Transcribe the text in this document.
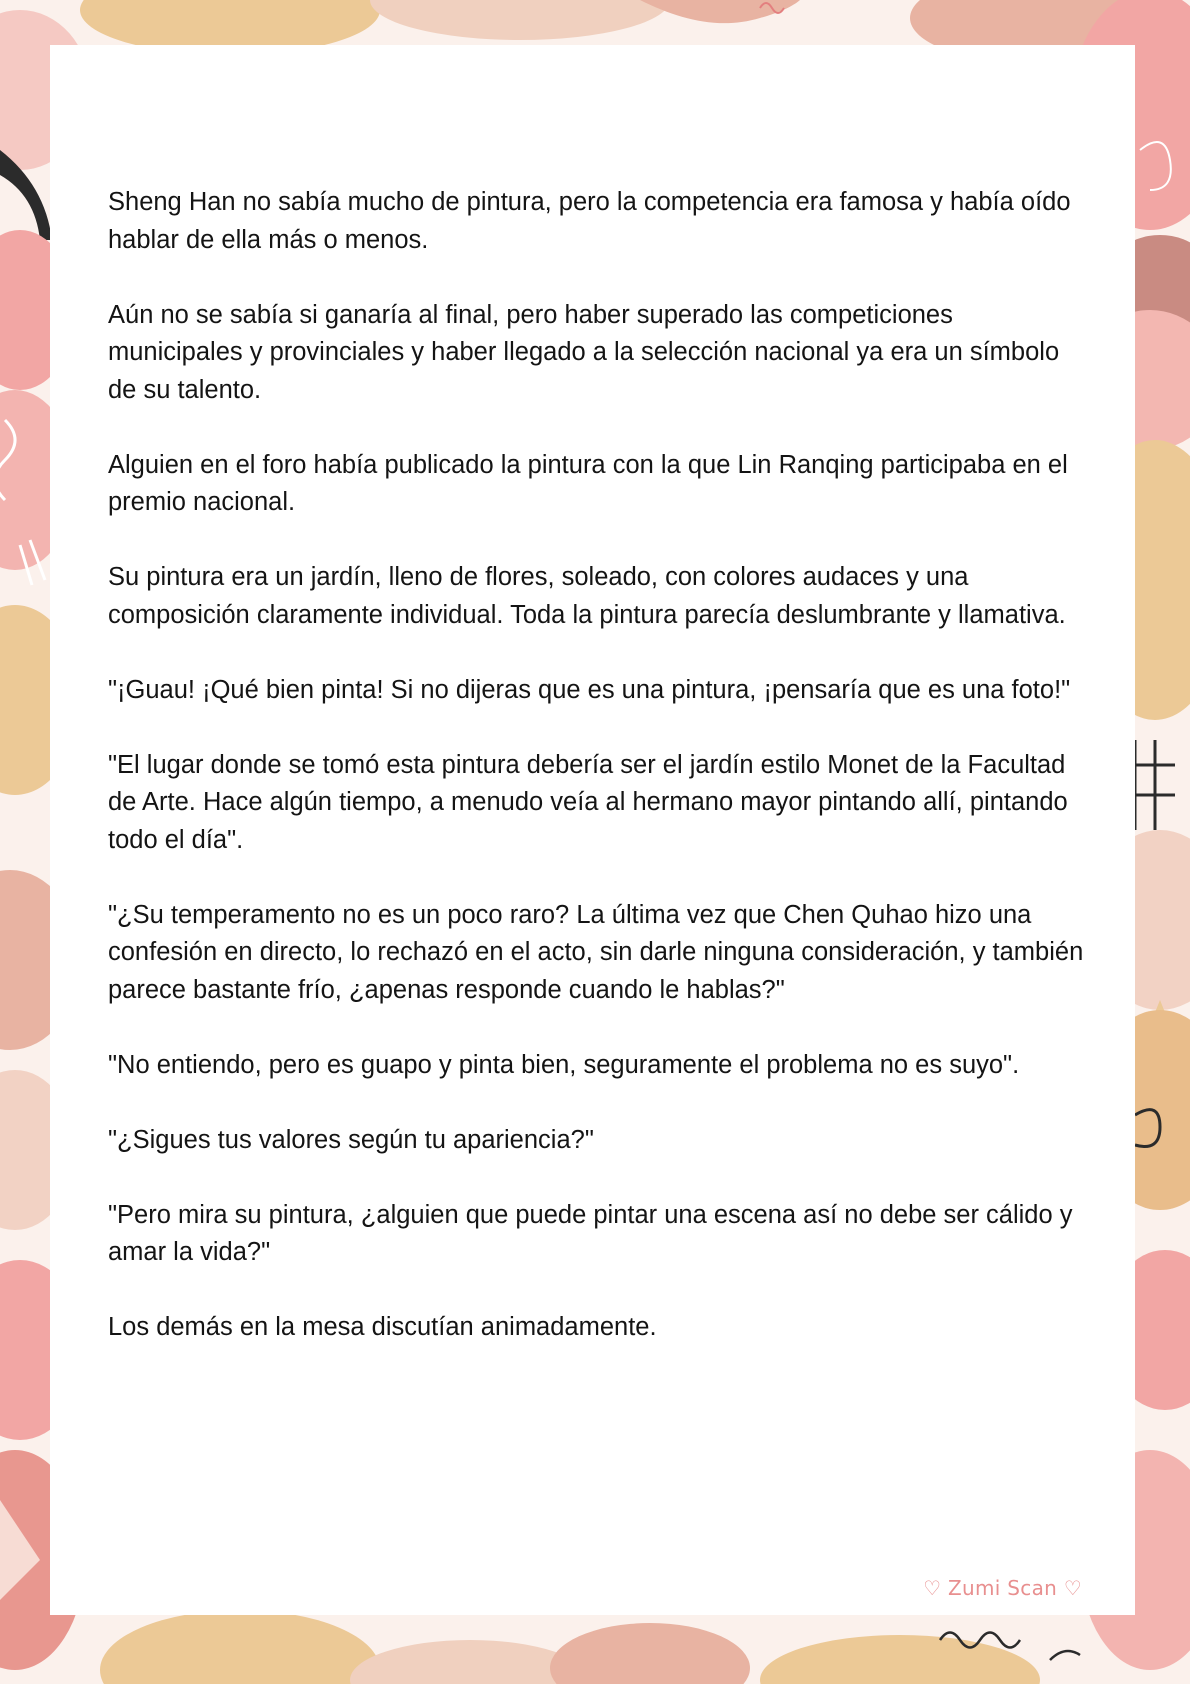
Sheng Han no sabía mucho de pintura, pero la competencia era famosa y había oído hablar de ella más o menos.

Aún no se sabía si ganaría al final, pero haber superado las competiciones municipales y provinciales y haber llegado a la selección nacional ya era un símbolo de su talento.

Alguien en el foro había publicado la pintura con la que Lin Ranqing participaba en el premio nacional.

Su pintura era un jardín, lleno de flores, soleado, con colores audaces y una composición claramente individual. Toda la pintura parecía deslumbrante y llamativa.

"¡Guau! ¡Qué bien pinta! Si no dijeras que es una pintura, ¡pensaría que es una foto!"

"El lugar donde se tomó esta pintura debería ser el jardín estilo Monet de la Facultad de Arte. Hace algún tiempo, a menudo veía al hermano mayor pintando allí, pintando todo el día".

"¿Su temperamento no es un poco raro? La última vez que Chen Quhao hizo una confesión en directo, lo rechazó en el acto, sin darle ninguna consideración, y también parece bastante frío, ¿apenas responde cuando le hablas?"

"No entiendo, pero es guapo y pinta bien, seguramente el problema no es suyo".

"¿Sigues tus valores según tu apariencia?"

"Pero mira su pintura, ¿alguien que puede pintar una escena así no debe ser cálido y amar la vida?"

Los demás en la mesa discutían animadamente.

♡ Zumi Scan ♡
